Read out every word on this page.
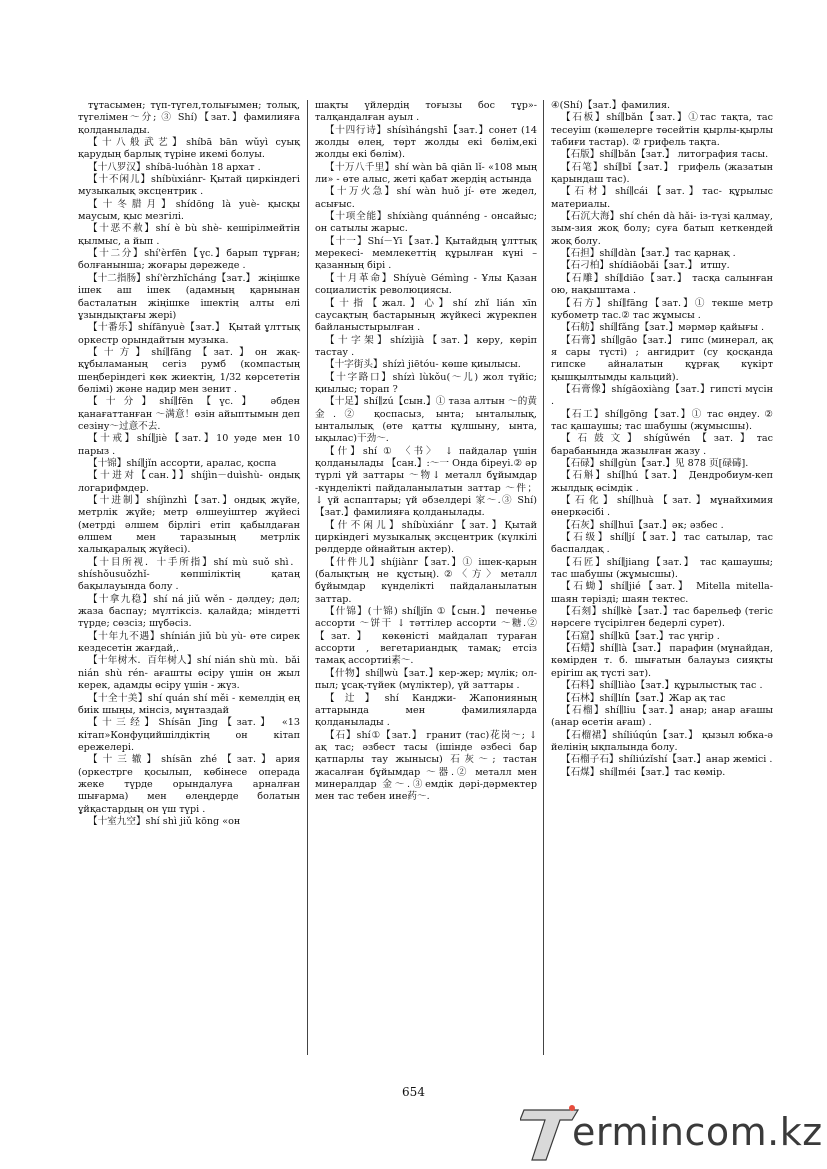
тұтасымен; түп-түгел,толығымен; толық, түгелімен～分; ③ Shí)【зат.】фамилияға қолданылады.

【十八般武艺】shíbā bān wǔyì суық қарудың барлық түріне икемі болуы.

【十八罗汉】shíbā-luóhàn 18 архат .

【十不闲儿】shíbùxiánr- Қытай циркіндегі музыкалық эксцентрик .

【十冬腊月】shídōng là yuè- қысқы маусым, қыс мезгілі.

【十恶不赦】shí è bù shè- кешірілмейтін қылмыс, а йып .

【十二分】shí'èrfēn【үс.】барып тұрған; болғанынша; жоғары дәрежеде .

【十二指肠】shí'èrzhǐcháng【зат.】 жіңішке ішек аш ішек (адамның қарнынан басталатын жіңішке ішектің алты елі ұзындықтағы жері)

【十番乐】shífānyuè【зат.】 Қытай ұлттық оркестр орындайтын музыка.

【十方】shí∥fāng【зат.】он жақ- құбыламаның сегіз румб (компастың шеңберіндегі көк жиектің, 1/32 көрсететін бөлімі) және надир мен зенит .

【十分】shí∥fēn【үс.】 әбден қанағаттанған ～满意！өзін айыптымын деп сезіну～过意不去.

【十戒】shí∥jiè【зат.】10 уәде мен 10 парыз .

【十锦】shí∥jǐn ассорти, аралас, қоспа

【十进对【сан.】】shíjìn－duìshù- ондық логарифмдер.

【十进制】shíjìnzhì【зат.】ондық жүйе, метрлік жүйе; метр өлшеуіштер жүйесі (метрді әлшем бірлігі етіп қабылдаған өлшем мен таразының метрлік халықаралық жүйесі).

【十目所视．十手所指】shí mù suǒ shì．shíshǒusuǒzhǐ- көпшіліктің қатаң бақылауында болу .

【十拿九稳】shí ná jiǔ wěn - дәлдеу; дәл; жаза баспау; мүлтіксіз. қалайда; міндетті түрде; сөзсіз; шүбәсіз.

【十年九不遇】shínián jiǔ bù yù- өте сирек кездесетін жағдай,.

【十年树木．百年树人】shí nián shù mù．bǎi nián shù rén- ағашты өсіру үшін он жыл керек, адамды өсіру үшін - жүз.

【十全十美】shí quán shí měi - кемелдің ең биік шыңы, мінсіз, мұнтаздай

【十三经】Shísān Jīng【зат.】 «13 кітап»Конфуцийшілдіктің он кітап ережелері.

【十三辙】shísān zhé【зат.】ария (оркестрге қосылып, көбінесе операда жеке түрде орындалуға арналған шығарма) мен өлеңдерде болатын ұйқастардың он үш түрі .

【十室九空】shí shì jiǔ kōng «он

шақты үйлердің тоғызы бос тұр»- талқандалған ауыл .

【十四行诗】shísìhángshī【зат.】сонет (14 жолды өлең, төрт жолды екі бөлім,екі жолды екі бөлім).

【十万八千里】shí wàn bā qiān lǐ- «108 мың ли» - өте алыс, жеті қабат жердің астында

【十万火急】shí wàn huǒ jí- өте жедел, асығыс.

【十项全能】shíxiàng quánnéng - онсайыс; он сатылы жарыс.

【十一】Shí－Yī【зат.】Қытайдың ұлттық мерекесі- мемлекеттің құрылған күні – қазанның бірі .

【十月革命】Shíyuè Gémìng - Ұлы Қазан социалистік революциясы.

【十指【жал.】心】shí zhǐ lián xīn саусақтың бастарының жүйкесі жүрекпен байланыстырылған .

【十字架】shízìjià【зат.】көру, көріп тастау .

【十字街头】shízì jiētóu- көше қиылысы.

【十字路口】shízì lùkǒu(～儿) жол түйіс; қиылыс; торап ?

【十足】shí∥zú【сын.】① таза алтын ～的黄金.② қоспасыз, ынта; ынталылық, ынталылық (өте қатты құлшыну, ынта, ықылас)干劲～.

【什】shí ① 〈书〉 ↓ пайдалар үшін қолданылады 【сан.】:～一 Онда біреуі.② әр түрлі үй заттары ～物↓ металл бұйымдар -күнделікті пайдаланылатын заттар ～件； ↓ үй аспаптары; үй әбзелдері 家～.③ Shí)【зат.】фамилияға қолданылады.

【什不闲儿】shíbùxiánr【зат.】Қытай циркіндегі музыкалық эксцентрик (күлкілі рөлдерде ойнайтын актер).

【什件儿】shíjiànr【зат.】① ішек-қарын (балықтың не құстың).②〈方〉металл бұйымдар күнделікті пайдаланылатын заттар.

【什锦】(十锦) shí∥jǐn ①【сын.】 печенье ассорти ～饼干 ↓ тәттілер ассорти ～糖.② 【зат.】 көкөністі майдалап тураған ассорти , вегетариандық тамақ; етсіз тамақ ассортиі素～.

【什物】shí∥wù【зат.】кер-жер; мүлік; ол-пыл; ұсақ-түйек (мүліктер), үй заттары .

【辻】shí Канджи- Жапонияның аттарында мен фамилияларда қолданылады .

【石】shí①【зат.】 гранит (тас)花岗～; ↓ ақ тас; әзбест тасы (ішінде әзбесі бар қатпарлы тау жынысы) 石灰～; тастан жасалған бұйымдар ～器.② металл мен минералдар 金～.③емдік дәрі-дәрмектер мен тас тебен ине药～.

④(Shí)【зат.】фамилия.

【石板】shí∥bǎn【зат.】①тас тақта, тас тесеуіш (кәшелерге төсейтін қырлы-қырлы табиғи тастар). ② грифель тақта.

【石版】shí∥bǎn【зат.】 литография тасы.

【石笔】shí∥bǐ【зат.】 грифель (жазатын қарындаш тас).

【石材】shí∥cái【зат.】тас- құрылыс материалы.

【石沉大海】shí chén dà hǎi- із-түзі қалмау, зым-зия жоқ болу; суға батып кеткендей жоқ болу.

【石担】shí∥dàn【зат.】тас қарнақ .

【石刁柏】shídiāobǎi【зат.】 итшу.

【石雕】shí∥diāo【зат.】 тасқа салынған ою, нақыштама .

【石方】shí∥fāng【зат.】① текше метр кубометр тас.② тас жұмысы .

【石舫】shí∥fǎng【зат.】мәрмәр қайығы .

【石膏】shí∥gāo【зат.】 гипс (минерал, ақ я сары түсті) ; ангидрит (су қосқанда гипске айналатын құрғақ күкірт қышқылтымды кальций).

【石膏像】shígāoxiàng【зат.】гипсті мүсін .

【石工】shí∥gōng【зат.】① тас өңдеу. ② тас қашаушы; тас шабушы (жұмысшы).

【石鼓文】shígǔwén【зат.】тас барабанында жазылған жазу .

【石碌】shí∥gùn【зат.】见 878 页[碌碡].

【石斛】shí∥hú【зат.】 Дендробиум-кеп жылдық өсімдік .

【石化】shí∥huà【зат.】мұнайхимия өнеркәсібі .

【石灰】shí∥huī【зат.】әк; әзбес .

【石级】shí∥jí【зат.】тас сатылар, тас баспалдақ .

【石匠】shí∥jiang【зат.】 тас қашаушы; тас шабушы (жұмысшы).

【石蜐】shí∥jié【зат.】 Mitella mitella- шаян тәрізді; шаян тектес.

【石刻】shí∥kè【зат.】тас барельеф (тегіс нәрсеге түсірілген бедерлі сурет).

【石窟】shí∥kū【зат.】тас үңгір .

【石蜡】shí∥là【зат.】 парафин (мұнайдан, көмірден т. б. шығатын балауыз сияқты ерігіш ақ түсті зат).

【石料】shí∥liào【зат.】құрылыстық тас .

【石林】shí∥lín【зат.】Жар ақ тас

【石榴】shí∥liu【зат.】анар; анар ағашы (анар өсетін ағаш) .

【石榴裙】shíliúqún【зат.】 қызыл юбка-ә йелінің ықпалында болу.

【石榴子石】shíliúzǐshí【зат.】анар жемісі .

【石煤】shí∥méi【зат.】тас көмір.

654
ermincom.kz
